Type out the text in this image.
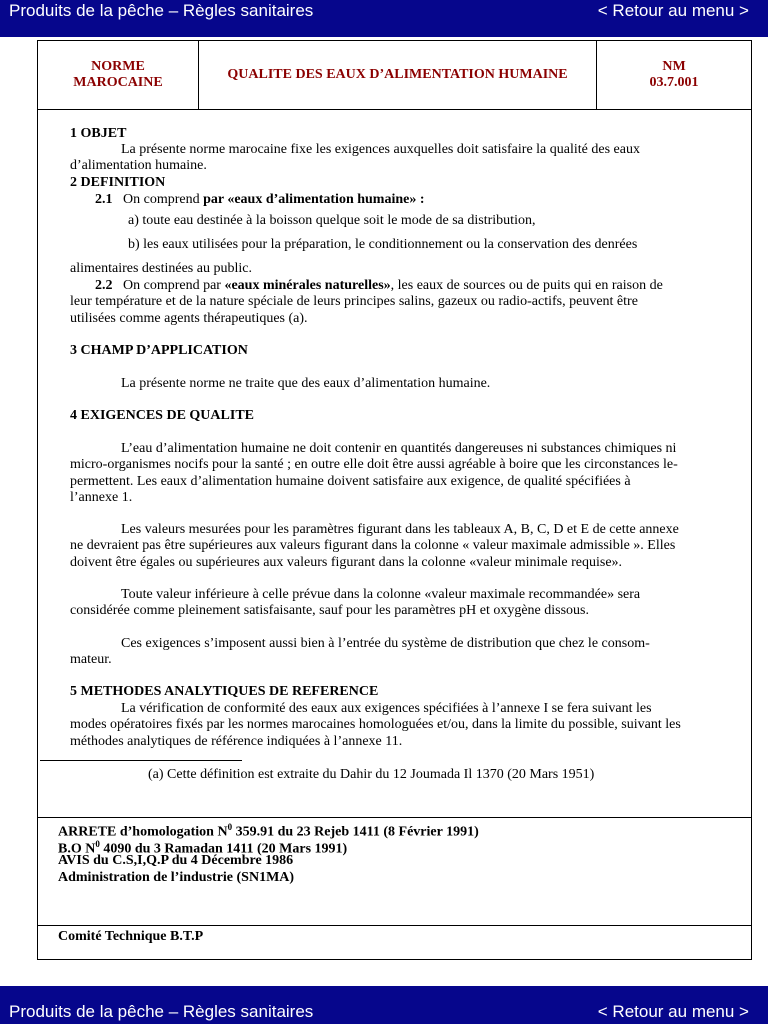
Produits de la pêche – Règles sanitaires	< Retour au menu >
NORME
MAROCAINE
QUALITE DES EAUX D’ALIMENTATION HUMAINE
NM
03.7.001
1 OBJET
La présente norme marocaine fixe les exigences auxquelles doit satisfaire la qualité des eaux
d’alimentation humaine.
2 DEFINITION
2.1 On comprend par «eaux d’alimentation humaine» :
a) toute eau destinée à la boisson quelque soit le mode de sa distribution,
b) les eaux utilisées pour la préparation, le conditionnement ou la conservation des denrées
alimentaires destinées au public.
2.2 On comprend par «eaux minérales naturelles», les eaux de sources ou de puits qui en raison de
leur température et de la nature spéciale de leurs principes salins, gazeux ou radio-actifs, peuvent être
utilisées comme agents thérapeutiques (a).
3 CHAMP D’APPLICATION
La présente norme ne traite que des eaux d’alimentation humaine.
4 EXIGENCES DE QUALITE
L’eau d’alimentation humaine ne doit contenir en quantités dangereuses ni substances chimiques ni
micro-organismes nocifs pour la santé ; en outre elle doit être aussi agréable à boire que les circonstances le-
permettent. Les eaux d’alimentation humaine doivent satisfaire aux exigence, de qualité spécifiées à
l’annexe 1.
Les valeurs mesurées pour les paramètres figurant dans les tableaux A, B, C, D et E de cette annexe
ne devraient pas être supérieures aux valeurs figurant dans la colonne « valeur maximale admissible ». Elles
doivent être égales ou supérieures aux valeurs figurant dans la colonne «valeur minimale requise».
Toute valeur inférieure à celle prévue dans la colonne «valeur maximale recommandée» sera
considérée comme pleinement satisfaisante, sauf pour les paramètres pH et oxygène dissous.
Ces exigences s’imposent aussi bien à l’entrée du système de distribution que chez le consom-
mateur.
5 METHODES ANALYTIQUES DE REFERENCE
La vérification de conformité des eaux aux exigences spécifiées à l’annexe I se fera suivant les
modes opératoires fixés par les normes marocaines homologuées et/ou, dans la limite du possible, suivant les
méthodes analytiques de référence indiquées à l’annexe 11.
(a) Cette définition est extraite du Dahir du 12 Joumada Il 1370 (20 Mars 1951)
ARRETE d’homologation $N^0$ 359.91 du 23 Rejeb 1411 (8 Février 1991)
B.O $N^0$ 4090 du 3 Ramadan 1411 (20 Mars 1991)
AVIS du C.S,I,Q.P du 4 Décembre 1986
Administration de l’industrie (SN1MA)
Comité Technique B.T.P
Produits de la pêche – Règles sanitaires	< Retour au menu >
